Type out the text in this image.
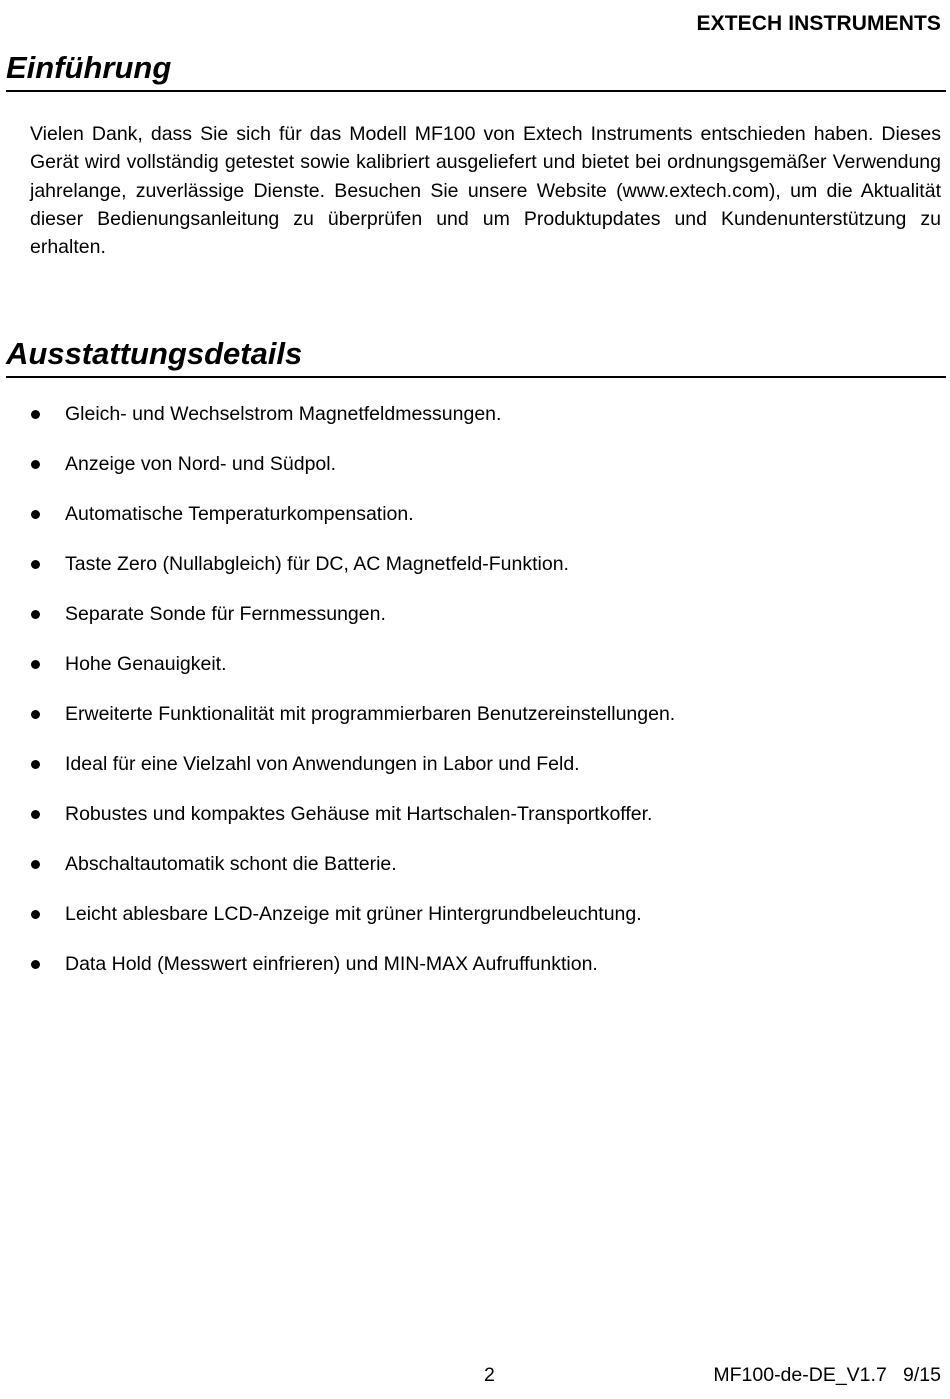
EXTECH INSTRUMENTS
Einführung

Vielen Dank, dass Sie sich für das Modell MF100 von Extech Instruments entschieden haben. Dieses Gerät wird vollständig getestet sowie kalibriert ausgeliefert und bietet bei ordnungsgemäßer Verwendung jahrelange, zuverlässige Dienste. Besuchen Sie unsere Website (www.extech.com), um die Aktualität dieser Bedienungsanleitung zu überprüfen und um Produktupdates und Kundenunterstützung zu erhalten.

Ausstattungsdetails
Gleich- und Wechselstrom Magnetfeldmessungen.
Anzeige von Nord- und Südpol.
Automatische Temperaturkompensation.
Taste Zero (Nullabgleich) für DC, AC Magnetfeld-Funktion.
Separate Sonde für Fernmessungen.
Hohe Genauigkeit.
Erweiterte Funktionalität mit programmierbaren Benutzereinstellungen.
Ideal für eine Vielzahl von Anwendungen in Labor und Feld.
Robustes und kompaktes Gehäuse mit Hartschalen-Transportkoffer.
Abschaltautomatik schont die Batterie.
Leicht ablesbare LCD-Anzeige mit grüner Hintergrundbeleuchtung.
Data Hold (Messwert einfrieren) und MIN-MAX Aufruffunktion.
2	MF100-de-DE_V1.7   9/15
